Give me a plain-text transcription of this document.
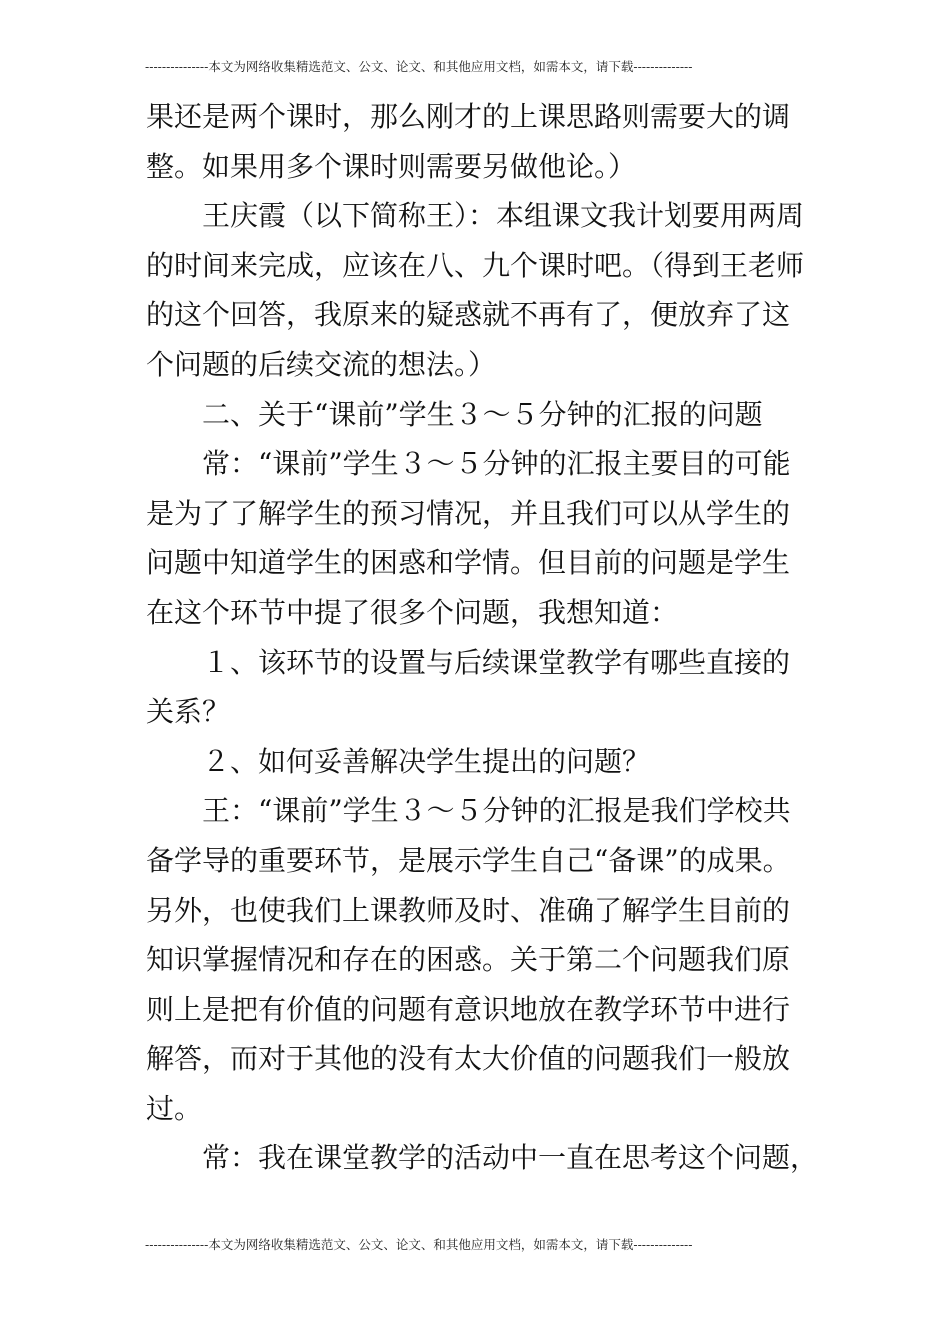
---------------本文为网络收集精选范文、公文、论文、和其他应用文档，如需本文，请下载--------------
果还是两个课时，那么刚才的上课思路则需要大的调
整。如果用多个课时则需要另做他论。）
　　王庆霞（以下简称王）：本组课文我计划要用两周
的时间来完成，应该在八、九个课时吧。（得到王老师
的这个回答，我原来的疑惑就不再有了，便放弃了这
个问题的后续交流的想法。）
　　二、关于“课前”学生３～５分钟的汇报的问题
　　常：“课前”学生３～５分钟的汇报主要目的可能
是为了了解学生的预习情况，并且我们可以从学生的
问题中知道学生的困惑和学情。但目前的问题是学生
在这个环节中提了很多个问题，我想知道：
　　１、该环节的设置与后续课堂教学有哪些直接的
关系？
　　２、如何妥善解决学生提出的问题？
　　王：“课前”学生３～５分钟的汇报是我们学校共
备学导的重要环节，是展示学生自己“备课”的成果。
另外，也使我们上课教师及时、准确了解学生目前的
知识掌握情况和存在的困惑。关于第二个问题我们原
则上是把有价值的问题有意识地放在教学环节中进行
解答，而对于其他的没有太大价值的问题我们一般放
过。
　　常：我在课堂教学的活动中一直在思考这个问题，
---------------本文为网络收集精选范文、公文、论文、和其他应用文档，如需本文，请下载--------------
